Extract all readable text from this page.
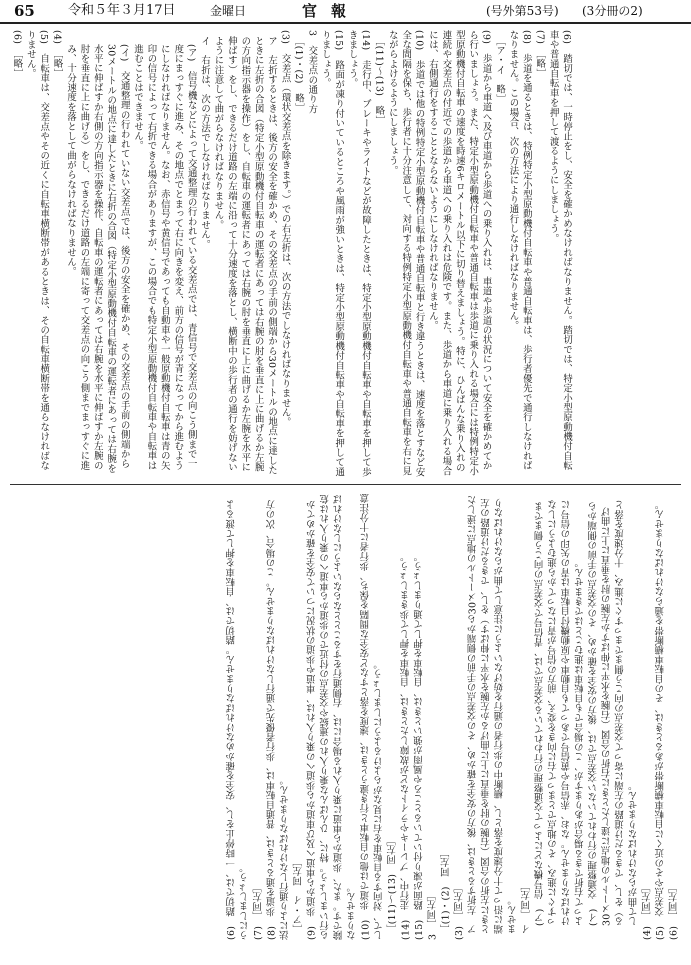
65	令和５年３月17日	金曜日	官報	(号外第53号) (3分冊の2)
(6)　踏切では、一時停止をし、安全を確かめなければなりません。踏切では、特定小型原動機付自転車や普通自転車を押して渡るようにしましょう。
(7)　［略］
(8)　歩道を通るときは、特例特定小型原動機付自転車や普通自転車は、歩行者優先で通行しなければなりません。この場合、次の方法により通行しなければなりません。
［ア・イ　略］
(9)　歩道から車道へ及び車道から歩道への乗り入れは、車道や歩道の状況について安全を確かめてから行いましょう。また、特定小型原動機付自転車や普通自転車は歩道に乗り入れる場合には特例特定小型原動機付自転車の速度を時速6キロメートル以下に切り替えましょう。特に、ひんぱんな乗り入れの連続や交差点の付近での歩道から車道への乗り入れは危険です。また、歩道から車道に乗り入れる場合には、右側通行をすることとならないようにしなければなりません。
(10)　歩道では他の特例特定小型原動機付自転車や普通自転車と行き違うときは、速度を落とすなど安全な間隔を保ち、歩行者に十分注意して、対向する特例特定小型原動機付自転車や普通自転車を右に見ながらよけるようにしましょう。
［(11)～(13)　略］
(14)　走行中、ブレーキやライトなどが故障したときは、特定小型原動機付自転車や自転車を押して歩きましょう。
(15)　路面が凍り付いているところや風雨が強いときは、特定小型原動機付自転車や自転車を押して通りましょう。
3　交差点の通り方
［(1)・(2)　略］
(3)　交差点（環状交差点を除きます。）での右左折は、次の方法でしなければなりません。
ア　左折するときは、後方の安全を確かめ、その交差点の手前の側端から30メートルの地点に達したときに左折の合図（特定小型原動機付自転車の運転者にあっては右腕の肘を垂直に上に曲げるか左腕の方向指示器を操作）をし、自転車の運転者にあっては右腕の肘を垂直に上に曲げるか左腕を水平に伸ばす）をし、できるだけ道路の左端に沿って十分速度を落とし、横断中の歩行者の通行を妨げないように注意して曲がらなければなりません。
イ　右折は、次の方法でしなければなりません。
(ア)　信号機などによって交通整理の行われている交差点では、青信号で交差点の向こう側まで一度にまっすぐに進み、その地点でとまって右に向きを変え、前方の信号が青になってから進むようにしなければなりません。なお、赤信号や黄信号であっても自動車や一般原動機付自転車は青の矢印の信号によって右折できる場合がありますが、この場合でも特定小型原動機付自転車や自転車は進むことはできません。
(イ)　交通整理の行われていない交差点では、後方の安全を確かめ、その交差点の手前の側端から30メートルの地点に達したときに右折の合図（特定小型原動機付自転車の運転者にあっては右腕を水平に伸ばすか右側の方向指示器を操作、自転車の運転者にあっては右腕を水平に伸ばすか左腕の肘を垂直に上に曲げる）をし、できるだけ道路の左端に寄って交差点の向こう側までまっすぐに進み、十分速度を落として曲がらなければなりません。
(4)　［略］
(5)　自転車は、交差点やその近くに自転車横断帯があるときは、その自転車横断帯を通らなければなりません。
(6)　［略］
(6)　踏切では、一時停止をし、安全を確かめなければなりません。踏切では、自転車を押して渡るようにしましょう。 (7)　［同左］ (8)　歩道を通るときは、普通自転車は、歩行者優先で通行しなければなりません。この場合、次の方法により通行しなければなりません。 ［ア・イ　同左］ (9)　歩道から車道へ及び車道から歩道への乗り入れは、車道や歩道の状況について安全を確かめてから行いましょう。特に、ひんぱんな乗り入れの連続や交差点の付近での歩道から車道への乗り入れは危険です。また、歩道から車道に乗り入れる場合には、右側通行をすることとならないようにしなければなりません。 (10)　歩道では他の自転車と行き違うときは、速度を落とすなど安全な間隔を保ち、歩行者に十分注意して、対向する自転車を右に見ながらよけるようにしましょう。 ［(11)～(13)　同左］ (14)　走行中、ブレーキやライトなどが故障したときは、自転車を押して歩きましょう。 (15)　路面が凍り付いているところや風雨が強いときは、自転車を押して通りましょう。 3　［同左］ ［(1)・(2)　同左］ (3)　［同左］ ア　左折するときは、後方の安全を確かめ、その交差点の手前の側端から30メートルの地点に達したときに左折の合図（右腕の肘を垂直に上に曲げるか左腕を水平に伸ばす）をし、できるだけ道路の左端に沿って十分速度を落とし、横断中の歩行者の通行を妨げないように注意して曲がらなければなりません。 イ　［同左］ (ア)　信号機などによって交通整理の行われている交差点では、青信号で交差点の向こう側までまっすぐに進み、その地点でとまって右に向きを変え、前方の信号が青になってから進むようにしなければなりません。なお、赤信号や黄信号であっても自動車や原動機付自転車は青の矢印の信号によって右折できる場合がありますが、この場合でも自転車は進むことはできません。 (イ)　交通整理の行われていない交差点では、後方の安全を確かめ、その交差点の手前の側端から30メートルの地点に達したときに右折の合図（右腕を水平に伸ばすか左腕の肘を垂直に上に曲げる）をし、できるだけ道路の左端に寄って交差点の向こう側までまっすぐに進み、十分速度を落として曲がらなければなりません。 (4)　［同左］ (5)　交差点やその近くに自転車横断帯があるときは、その自転車横断帯を通らなければなりません。 (6)　［同左］
